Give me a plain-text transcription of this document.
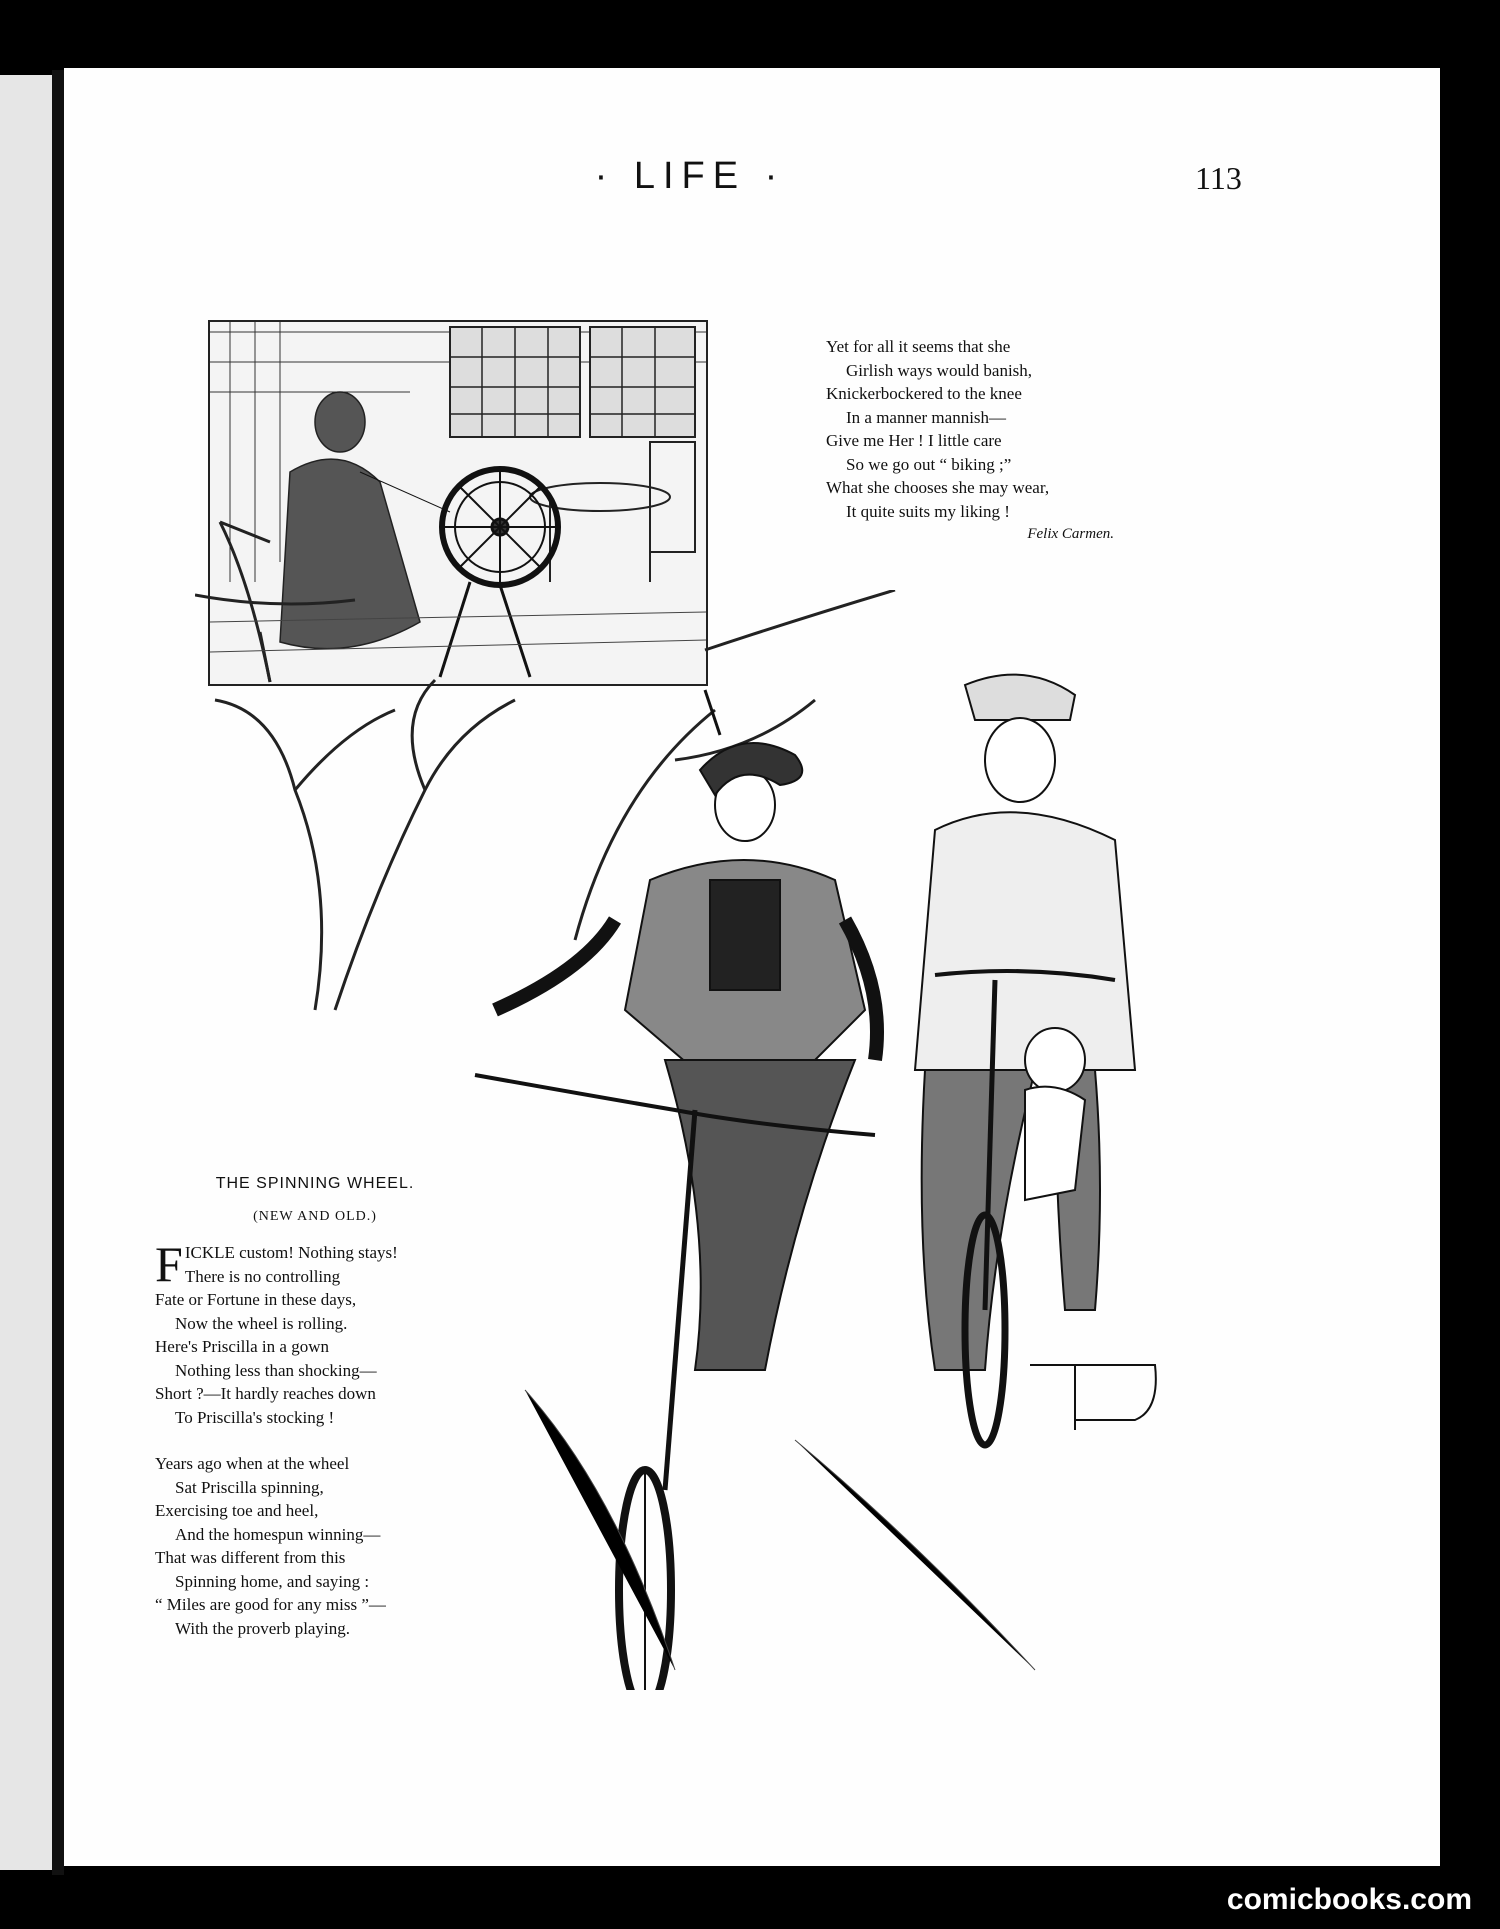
· LIFE ·	113
Yet for all it seems that she
Girlish ways would banish,
Knickerbockered to the knee
In a manner mannish—
Give me Her ! I little care
So we go out “ biking ;”
What she chooses she may wear,
It quite suits my liking !
Felix Carmen.
THE SPINNING WHEEL.
(NEW AND OLD.)
F ICKLE custom! Nothing stays!
There is no controlling
Fate or Fortune in these days,
Now the wheel is rolling.
Here's Priscilla in a gown
Nothing less than shocking—
Short ?—It hardly reaches down
To Priscilla's stocking !
Years ago when at the wheel
Sat Priscilla spinning,
Exercising toe and heel,
And the homespun winning—
That was different from this
Spinning home, and saying :
“ Miles are good for any miss ”—
With the proverb playing.
comicbooks.com
